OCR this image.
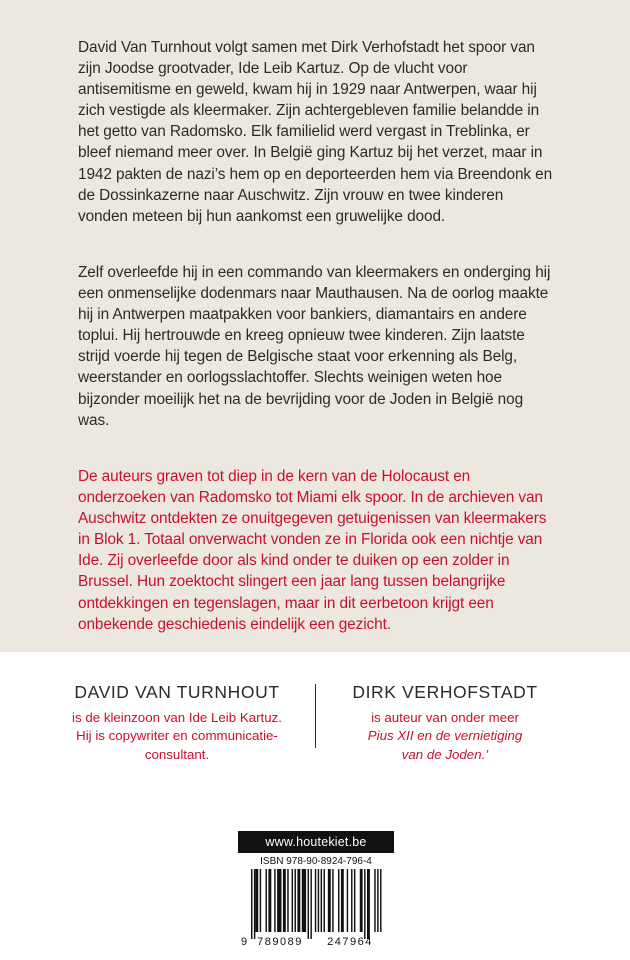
David Van Turnhout volgt samen met Dirk Verhofstadt het spoor van zijn Joodse grootvader, Ide Leib Kartuz. Op de vlucht voor antisemitisme en geweld, kwam hij in 1929 naar Antwerpen, waar hij zich vestigde als kleermaker. Zijn achtergebleven familie belandde in het getto van Radomsko. Elk familielid werd vergast in Treblinka, er bleef niemand meer over. In België ging Kartuz bij het verzet, maar in 1942 pakten de nazi’s hem op en deporteerden hem via Breendonk en de Dossinkazerne naar Auschwitz. Zijn vrouw en twee kinderen vonden meteen bij hun aankomst een gruwelijke dood.

Zelf overleefde hij in een commando van kleermakers en onderging hij een onmenselijke dodenmars naar Mauthausen. Na de oorlog maakte hij in Antwerpen maatpakken voor bankiers, diamantairs en andere toplui. Hij hertrouwde en kreeg opnieuw twee kinderen. Zijn laatste strijd voerde hij tegen de Belgische staat voor erkenning als Belg, weerstander en oorlogsslachtoffer. Slechts weinigen weten hoe bijzonder moeilijk het na de bevrijding voor de Joden in België nog was.

De auteurs graven tot diep in de kern van de Holocaust en onderzoeken van Radomsko tot Miami elk spoor. In de archieven van Auschwitz ontdekten ze onuitgegeven getuigenissen van kleermakers in Blok 1. Totaal onverwacht vonden ze in Florida ook een nichtje van Ide. Zij overleefde door als kind onder te duiken op een zolder in Brussel. Hun zoektocht slingert een jaar lang tussen belangrijke ontdekkingen en tegenslagen, maar in dit eerbetoon krijgt een onbekende geschiedenis eindelijk een gezicht.

DAVID VAN TURNHOUT
is de kleinzoon van Ide Leib Kartuz.
Hij is copywriter en communicatie-
consultant.
DIRK VERHOFSTADT
is auteur van onder meer
Pius XII en de vernietiging
van de Joden.’
www.houtekiet.be
ISBN 978-90-8924-796-4
9 789089 247964
